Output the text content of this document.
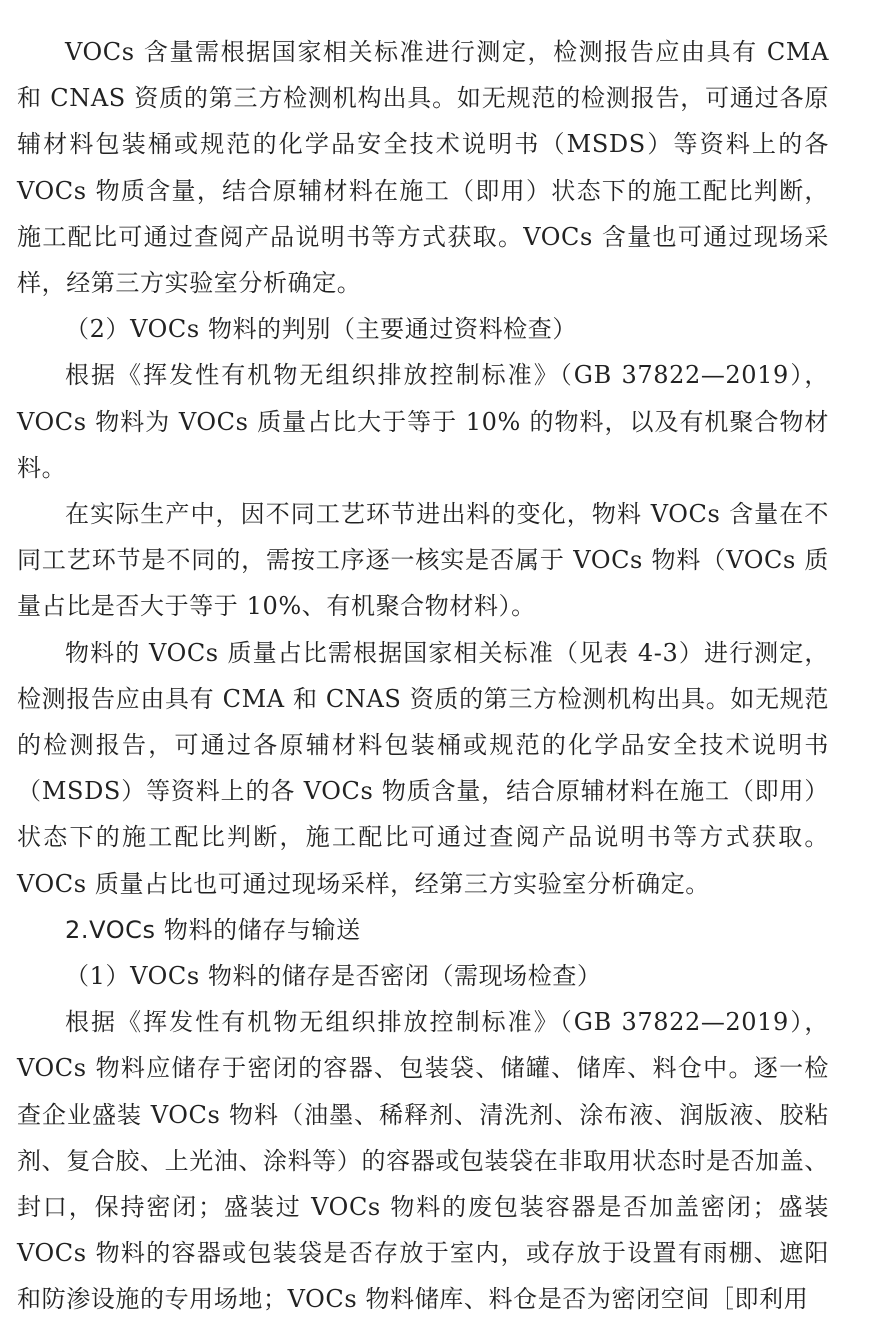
VOCs 含量需根据国家相关标准进行测定，检测报告应由具有 CMA 和 CNAS 资质的第三方检测机构出具。如无规范的检测报告，可通过各原辅材料包装桶或规范的化学品安全技术说明书（MSDS）等资料上的各 VOCs 物质含量，结合原辅材料在施工（即用）状态下的施工配比判断，施工配比可通过查阅产品说明书等方式获取。VOCs 含量也可通过现场采样，经第三方实验室分析确定。

（2）VOCs 物料的判别（主要通过资料检查）

根据《挥发性有机物无组织排放控制标准》（GB 37822—2019），VOCs 物料为 VOCs 质量占比大于等于 10% 的物料，以及有机聚合物材料。

在实际生产中，因不同工艺环节进出料的变化，物料 VOCs 含量在不同工艺环节是不同的，需按工序逐一核实是否属于 VOCs 物料（VOCs 质量占比是否大于等于 10%、有机聚合物材料）。

物料的 VOCs 质量占比需根据国家相关标准（见表 4-3）进行测定，检测报告应由具有 CMA 和 CNAS 资质的第三方检测机构出具。如无规范的检测报告，可通过各原辅材料包装桶或规范的化学品安全技术说明书（MSDS）等资料上的各 VOCs 物质含量，结合原辅材料在施工（即用）状态下的施工配比判断，施工配比可通过查阅产品说明书等方式获取。VOCs 质量占比也可通过现场采样，经第三方实验室分析确定。

2.VOCs 物料的储存与输送

（1）VOCs 物料的储存是否密闭（需现场检查）

根据《挥发性有机物无组织排放控制标准》（GB 37822—2019），VOCs 物料应储存于密闭的容器、包装袋、储罐、储库、料仓中。逐一检查企业盛装 VOCs 物料（油墨、稀释剂、清洗剂、涂布液、润版液、胶粘剂、复合胶、上光油、涂料等）的容器或包装袋在非取用状态时是否加盖、封口，保持密闭；盛装过 VOCs 物料的废包装容器是否加盖密闭；盛装 VOCs 物料的容器或包装袋是否存放于室内，或存放于设置有雨棚、遮阳和防渗设施的专用场地；VOCs 物料储库、料仓是否为密闭空间［即利用
